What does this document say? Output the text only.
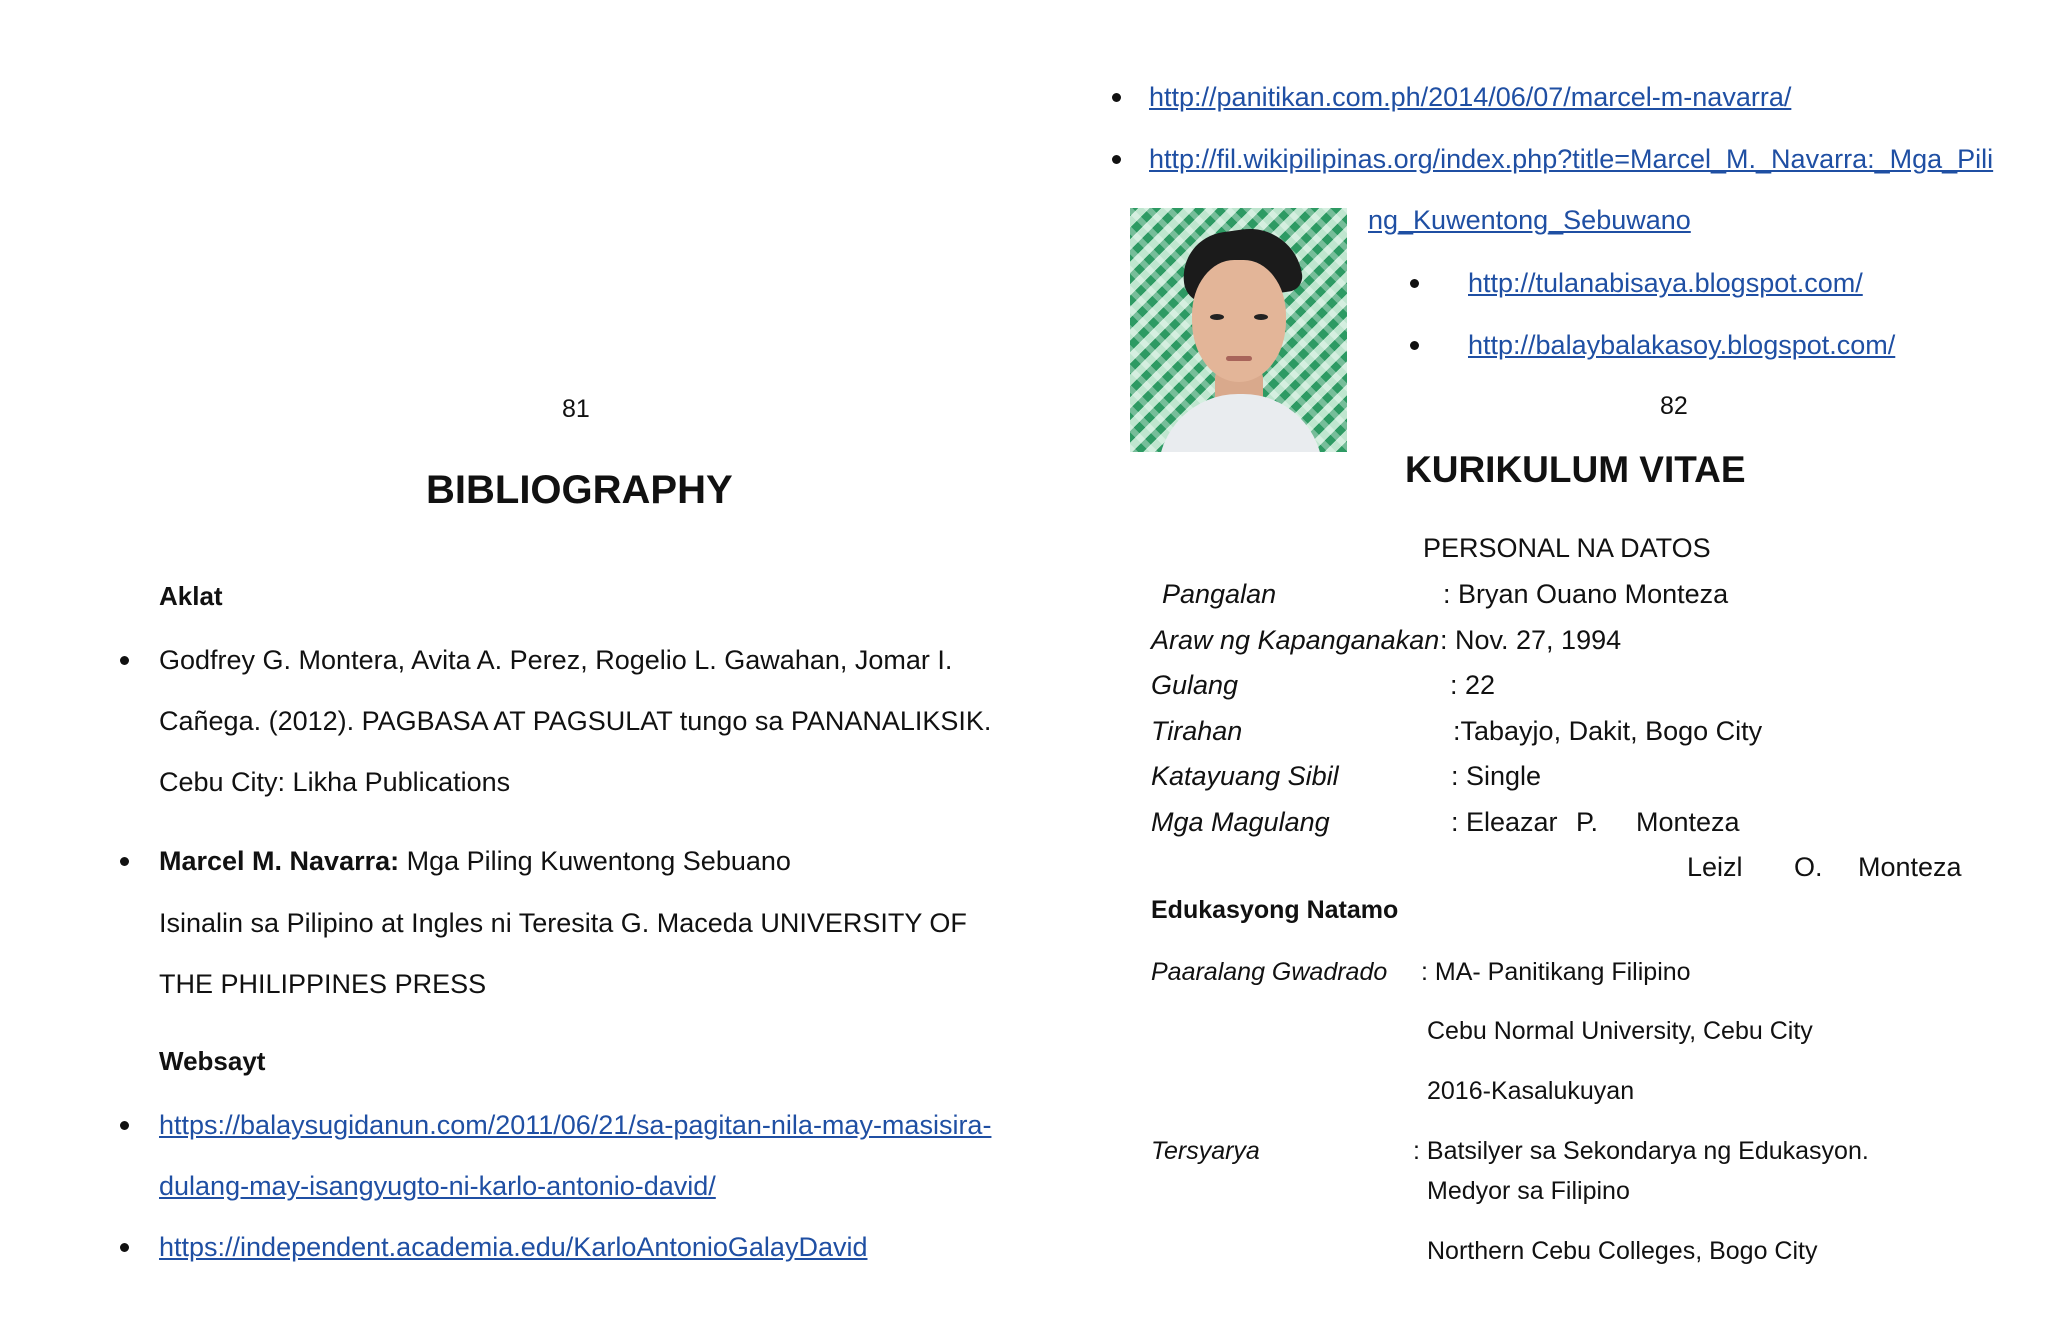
81
BIBLIOGRAPHY
Aklat
Godfrey G. Montera, Avita A. Perez, Rogelio L. Gawahan, Jomar I.
Cañega. (2012). PAGBASA AT PAGSULAT tungo sa PANANALIKSIK.
Cebu City: Likha Publications
Marcel M. Navarra: Mga Piling Kuwentong Sebuano
Isinalin sa Pilipino at Ingles ni Teresita G. Maceda UNIVERSITY OF
THE PHILIPPINES PRESS
Websayt
https://balaysugidanun.com/2011/06/21/sa-pagitan-nila-may-masisira-
dulang-may-isangyugto-ni-karlo-antonio-david/
https://independent.academia.edu/KarloAntonioGalayDavid
http://panitikan.com.ph/2014/06/07/marcel-m-navarra/
http://fil.wikipilipinas.org/index.php?title=Marcel_M._Navarra:_Mga_Pili
ng_Kuwentong_Sebuwano
http://tulanabisaya.blogspot.com/
http://balaybalakasoy.blogspot.com/
82
KURIKULUM VITAE
PERSONAL NA DATOS
Pangalan	: Bryan Ouano Monteza
Araw ng Kapanganakan : Nov. 27, 1994
Gulang	: 22
Tirahan	:Tabayjo, Dakit, Bogo City
Katayuang Sibil	: Single
Mga Magulang	: Eleazar P. Monteza
Leizl O. Monteza
Edukasyong Natamo
Paaralang Gwadrado : MA- Panitikang Filipino
Cebu Normal University, Cebu City
2016-Kasalukuyan
Tersyarya	: Batsilyer sa Sekondarya ng Edukasyon.
Medyor sa Filipino
Northern Cebu Colleges, Bogo City
